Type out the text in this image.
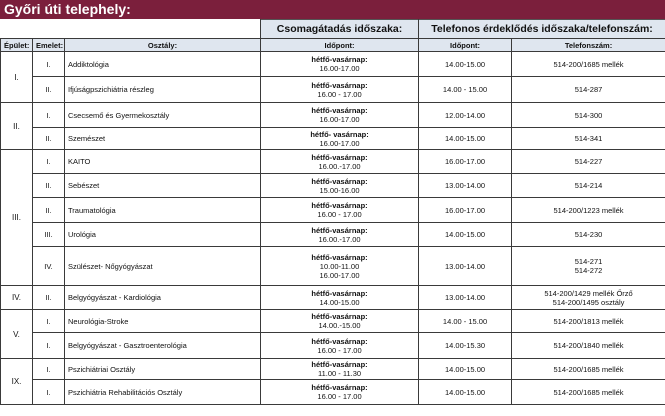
Győri úti telephely:
			Csomagátadás időszaka:	Telefonos érdeklődés időszaka/telefonszám:	
Épület:	Emelet:	Osztály:	Időpont:	Időpont:	Telefonszám:
I.	I.	Addiktológia	hétfő-vasárnap:
16.00-17.00	14.00-15.00	514-200/1685 mellék

	II.	Ifjúságpszichiátria részleg	hétfő-vasárnap:
16.00 - 17.00	14.00 - 15.00	514-287

II.	I.	Csecsemő és Gyermekosztály	hétfő-vasárnap:
16.00-17.00	12.00-14.00	514-300

	II.	Szemészet	hétfő- vasárnap:
16.00-17.00	14.00-15.00	514-341

III.	I.	KAITO	hétfő-vasárnap:
16.00.-17.00	16.00-17.00	514-227

	II.	Sebészet	hétfő-vasárnap:
15.00-16.00	13.00-14.00	514-214

	II.	Traumatológia	hétfő-vasárnap:
16.00 - 17.00	16.00-17.00	514-200/1223 mellék

	III.	Urológia	hétfő-vasárnap:
16.00.-17.00	14.00-15.00	514-230

	IV.	Szülészet- Nőgyógyászat	hétfő-vasárnap:
10.00-11.00
16.00-17.00	13.00-14.00	514-271
514-272

IV.	II.	Belgyógyászat - Kardiológia	hétfő-vasárnap:
14.00-15.00	13.00-14.00	514-200/1429 mellék Őrző
514-200/1495 osztály

V.	I.	Neurológia-Stroke	hétfő-vasárnap:
14.00.-15.00	14.00 - 15.00	514-200/1813 mellék

	I.	Belgyógyászat - Gasztroenterológia	hétfő-vasárnap:
16.00 - 17.00	14.00-15.30	514-200/1840 mellék

IX.	I.	Pszichiátriai Osztály	hétfő-vasárnap:
11.00 - 11.30	14.00-15.00	514-200/1685 mellék

	I.	Pszichiátria Rehabilitációs Osztály	hétfő-vasárnap:
16.00 - 17.00	14.00-15.00	514-200/1685 mellék
